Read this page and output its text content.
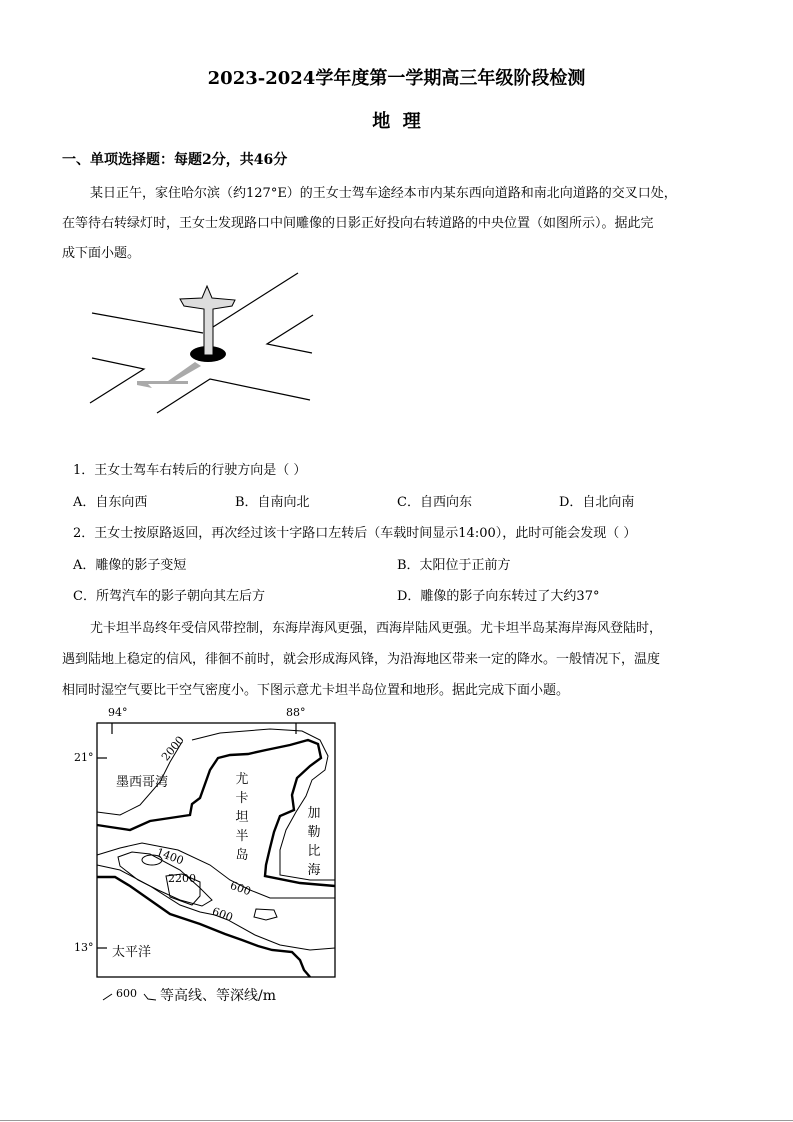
2023-2024学年度第一学期高三年级阶段检测
地  理
一、单项选择题：每题2分，共46分
某日正午，家住哈尔滨（约127°E）的王女士驾车途经本市内某东西向道路和南北向道路的交叉口处，
在等待右转绿灯时，王女士发现路口中间雕像的日影正好投向右转道路的中央位置（如图所示）。据此完
成下面小题。
1．王女士驾车右转后的行驶方向是（ ）
A．自东向西	B．自南向北	C．自西向东	D．自北向南
2．王女士按原路返回，再次经过该十字路口左转后（车载时间显示14:00），此时可能会发现（ ）
A．雕像的影子变短	B．太阳位于正前方
C．所驾汽车的影子朝向其左后方	D．雕像的影子向东转过了大约37°
尤卡坦半岛终年受信风带控制，东海岸海风更强，西海岸陆风更强。尤卡坦半岛某海岸海风登陆时，
遇到陆地上稳定的信风，徘徊不前时，就会形成海风锋，为沿海地区带来一定的降水。一般情况下，温度
相同时湿空气要比干空气密度小。下图示意尤卡坦半岛位置和地形。据此完成下面小题。
94°	88°
21°
13°
墨西哥湾	尤卡坦半岛
加勒比海
太平洋
2000
1400
2200
600
600
600 等高线、等深线/m
